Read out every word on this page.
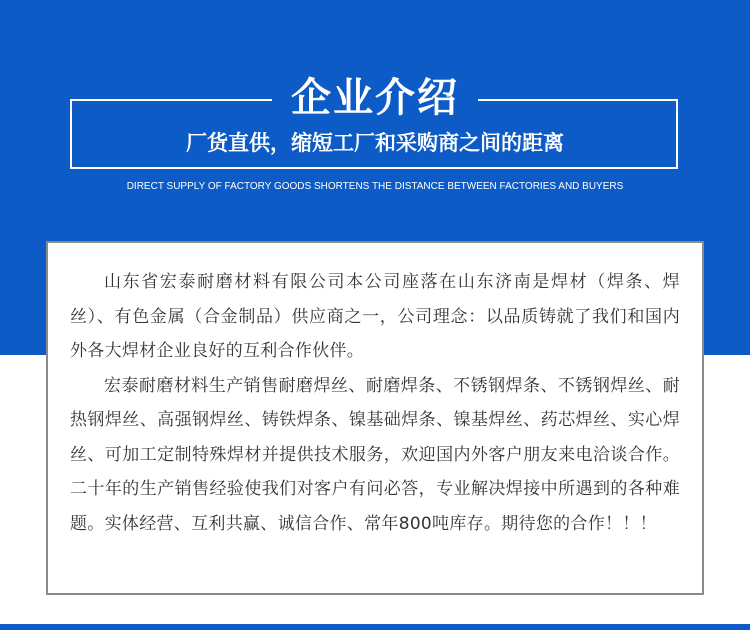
企业介绍
厂货直供，缩短工厂和采购商之间的距离
DIRECT SUPPLY OF FACTORY GOODS SHORTENS THE DISTANCE BETWEEN FACTORIES AND BUYERS

山东省宏泰耐磨材料有限公司本公司座落在山东济南是焊材（焊条、焊丝）、有色金属（合金制品）供应商之一，公司理念：以品质铸就了我们和国内外各大焊材企业良好的互利合作伙伴。

宏泰耐磨材料生产销售耐磨焊丝、耐磨焊条、不锈钢焊条、不锈钢焊丝、耐热钢焊丝、高强钢焊丝、铸铁焊条、镍基础焊条、镍基焊丝、药芯焊丝、实心焊丝、可加工定制特殊焊材并提供技术服务，欢迎国内外客户朋友来电洽谈合作。二十年的生产销售经验使我们对客户有问必答，专业解决焊接中所遇到的各种难题。实体经营、互利共赢、诚信合作、常年800吨库存。期待您的合作！！！
